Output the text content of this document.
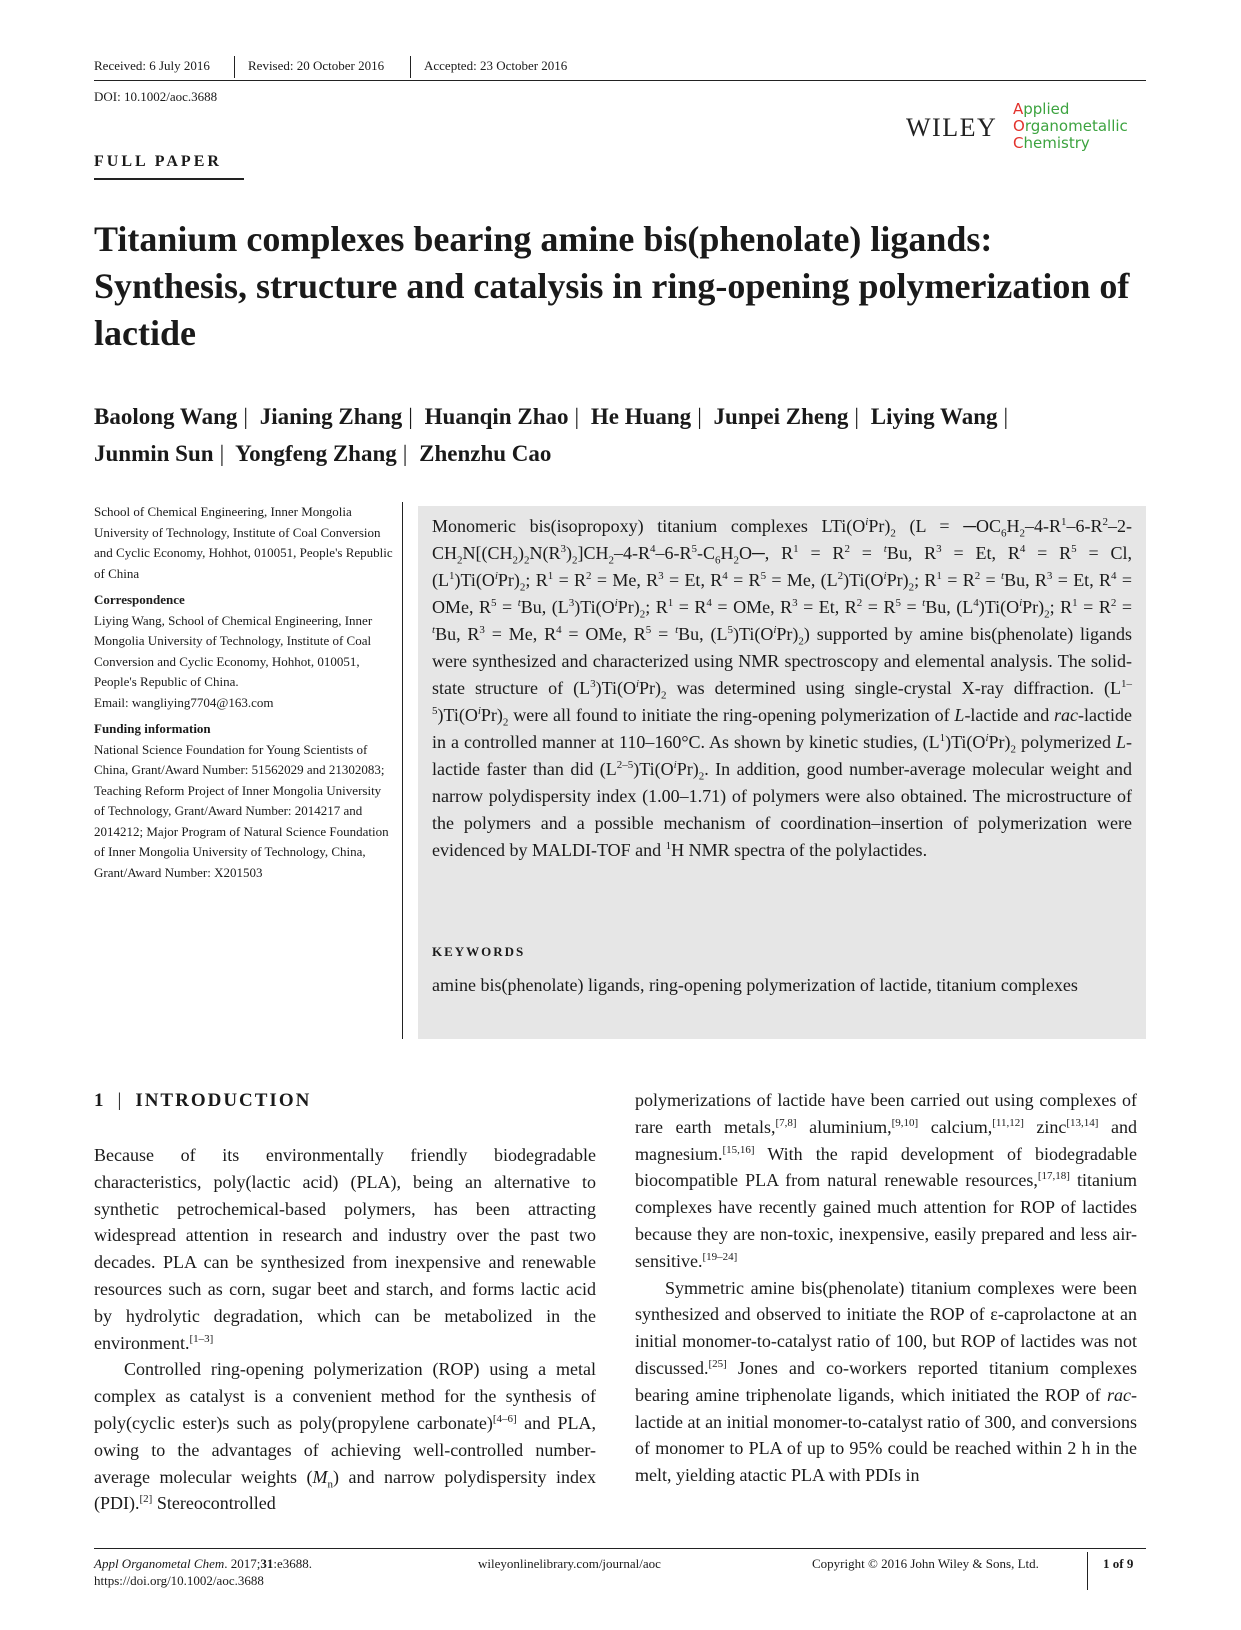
Received: 6 July 2016	Revised: 20 October 2016	Accepted: 23 October 2016
DOI: 10.1002/aoc.3688
FULL PAPER
WILEY
Applied
Organometallic
Chemistry
Titanium complexes bearing amine bis(phenolate) ligands: Synthesis, structure and catalysis in ring-opening polymerization of lactide
Baolong Wang | Jianing Zhang | Huanqin Zhao | He Huang | Junpei Zheng | Liying Wang |
Junmin Sun | Yongfeng Zhang | Zhenzhu Cao
School of Chemical Engineering, Inner Mongolia University of Technology, Institute of Coal Conversion and Cyclic Economy, Hohhot, 010051, People's Republic of China
Correspondence
Liying Wang, School of Chemical Engineering, Inner Mongolia University of Technology, Institute of Coal Conversion and Cyclic Economy, Hohhot, 010051, People's Republic of China.
Email: wangliying7704@163.com
Funding information
National Science Foundation for Young Scientists of China, Grant/Award Number: 51562029 and 21302083; Teaching Reform Project of Inner Mongolia University of Technology, Grant/Award Number: 2014217 and 2014212; Major Program of Natural Science Foundation of Inner Mongolia University of Technology, China, Grant/Award Number: X201503
Monomeric bis(isopropoxy) titanium complexes $LTi(O^iPr)_2$ ($L = ─OC_6H_2-4-R^1-6-R^2-2-CH_2N[(CH_2)_2N(R^3)_2]CH_2-4-R^4-6-R^5-C_6H_2O─$, $R^1 = R^2 = ^tBu$, $R^3 = Et$, $R^4 = R^5 = Cl$, $(L^1)Ti(O^iPr)_2$; $R^1 = R^2 = Me$, $R^3 = Et$, $R^4 = R^5 = Me$, $(L^2)Ti(O^iPr)_2$; $R^1 = R^2 = ^tBu$, $R^3 = Et$, $R^4$ = OMe, $R^5 = ^tBu$, $(L^3)Ti(O^iPr)_2$; $R^1 = R^4$ = OMe, $R^3 = Et$, $R^2 = R^5 = ^tBu$, $(L^4)Ti(O^iPr)_2$; $R^1 = R^2 = ^tBu$, $R^3 = Me$, $R^4$ = OMe, $R^5 = ^tBu$, $(L^5)Ti(O^iPr)_2$) supported by amine bis(phenolate) ligands were synthesized and characterized using NMR spectroscopy and elemental analysis. The solid-state structure of $(L^3)Ti(O^iPr)_2$ was determined using single-crystal X-ray diffraction. $(L^{1-5})Ti(O^iPr)_2$ were all found to initiate the ring-opening polymerization of L-lactide and rac-lactide in a controlled manner at 110–160°C. As shown by kinetic studies, $(L^1)Ti(O^iPr)_2$ polymerized L-lactide faster than did $(L^{2-5})Ti(O^iPr)_2$. In addition, good number-average molecular weight and narrow polydispersity index (1.00–1.71) of polymers were also obtained. The microstructure of the polymers and a possible mechanism of coordination–insertion of polymerization were evidenced by MALDI-TOF and $^1$H NMR spectra of the polylactides.
KEYWORDS
amine bis(phenolate) ligands, ring-opening polymerization of lactide, titanium complexes
1 | INTRODUCTION
Because of its environmentally friendly biodegradable characteristics, poly(lactic acid) (PLA), being an alternative to synthetic petrochemical-based polymers, has been attracting widespread attention in research and industry over the past two decades. PLA can be synthesized from inexpensive and renewable resources such as corn, sugar beet and starch, and forms lactic acid by hydrolytic degradation, which can be metabolized in the environment.[1–3]
Controlled ring-opening polymerization (ROP) using a metal complex as catalyst is a convenient method for the synthesis of poly(cyclic ester)s such as poly(propylene carbonate)[4–6] and PLA, owing to the advantages of achieving well-controlled number-average molecular weights $(M_n)$ and narrow polydispersity index (PDI).[2] Stereocontrolled
polymerizations of lactide have been carried out using complexes of rare earth metals,[7,8] aluminium,[9,10] calcium,[11,12] zinc[13,14] and magnesium.[15,16] With the rapid development of biodegradable biocompatible PLA from natural renewable resources,[17,18] titanium complexes have recently gained much attention for ROP of lactides because they are non-toxic, inexpensive, easily prepared and less air-sensitive.[19–24]
Symmetric amine bis(phenolate) titanium complexes were been synthesized and observed to initiate the ROP of ε-caprolactone at an initial monomer-to-catalyst ratio of 100, but ROP of lactides was not discussed.[25] Jones and co-workers reported titanium complexes bearing amine triphenolate ligands, which initiated the ROP of rac-lactide at an initial monomer-to-catalyst ratio of 300, and conversions of monomer to PLA of up to 95% could be reached within 2 h in the melt, yielding atactic PLA with PDIs in
Appl Organometal Chem. 2017;31:e3688.
https://doi.org/10.1002/aoc.3688
wileyonlinelibrary.com/journal/aoc	Copyright © 2016 John Wiley & Sons, Ltd.	1 of 9
